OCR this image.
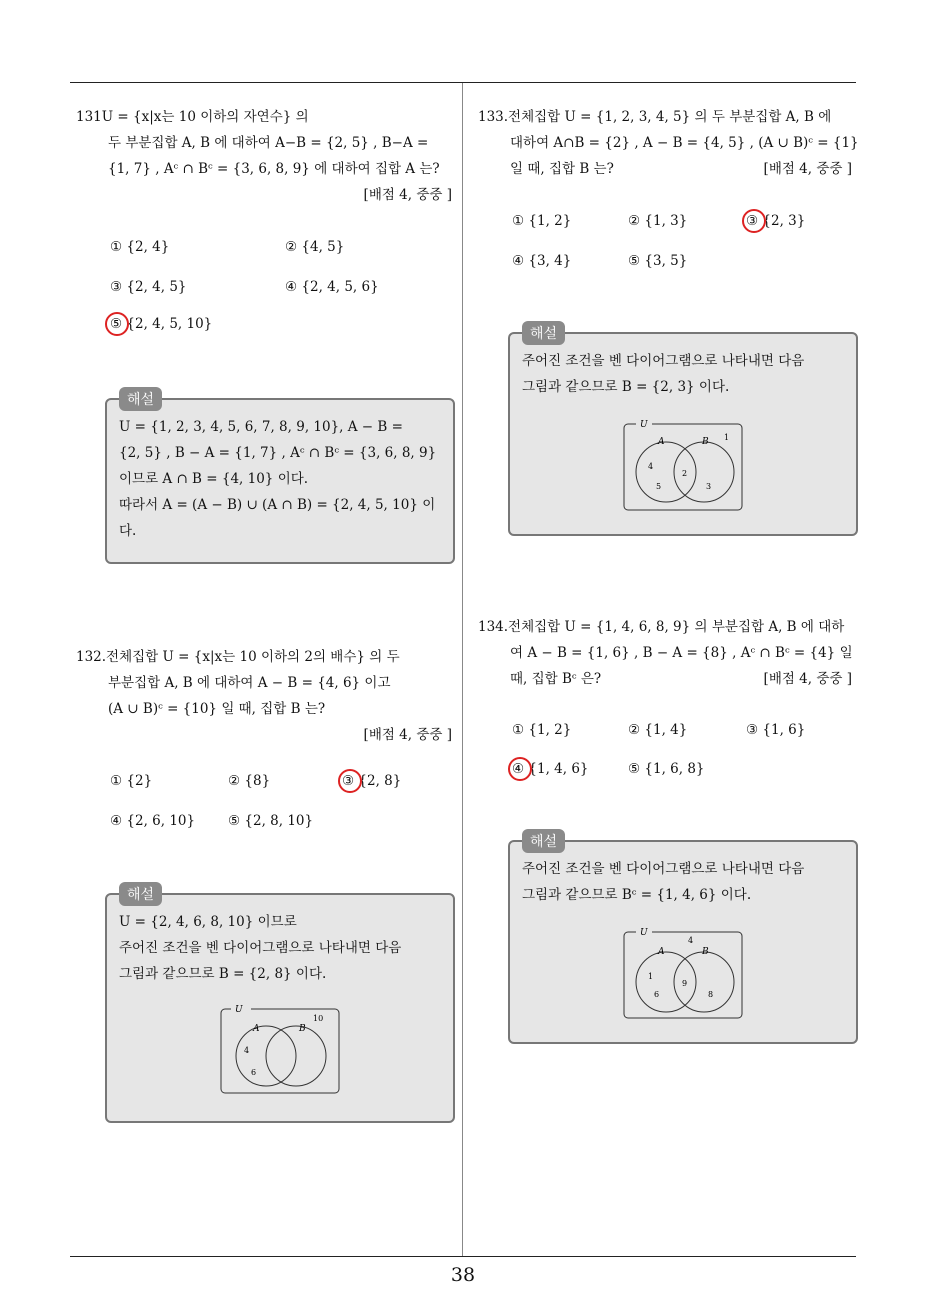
131U = {x|x는 10 이하의 자연수} 의
두 부분집합 A, B 에 대하여 A−B = {2, 5} , B−A =
{1, 7} , Aᶜ ∩ Bᶜ = {3, 6, 8, 9} 에 대하여 집합 A 는?
[배점 4, 중중 ]
① {2, 4}	② {4, 5}
③ {2, 4, 5}	④ {2, 4, 5, 6}
⑤ {2, 4, 5, 10}
해설
U = {1, 2, 3, 4, 5, 6, 7, 8, 9, 10}, A − B =
{2, 5} , B − A = {1, 7} , Aᶜ ∩ Bᶜ = {3, 6, 8, 9}
이므로 A ∩ B = {4, 10} 이다.
따라서 A = (A − B) ∪ (A ∩ B) = {2, 4, 5, 10} 이
다.
132.전체집합 U = {x|x는 10 이하의 2의 배수} 의 두
부분집합 A, B 에 대하여 A − B = {4, 6} 이고
(A ∪ B)ᶜ = {10} 일 때, 집합 B 는?
[배점 4, 중중 ]
① {2}	② {8}	③ {2, 8}
④ {2, 6, 10} ⑤ {2, 8, 10}
해설
U = {2, 4, 6, 8, 10} 이므로
주어진 조건을 벤 다이어그램으로 나타내면 다음
그림과 같으므로 B = {2, 8} 이다.
U
A	B
10
4
6
133.전체집합 U = {1, 2, 3, 4, 5} 의 두 부분집합 A, B 에
대하여 A∩B = {2} , A − B = {4, 5} , (A ∪ B)ᶜ = {1}
일 때, 집합 B 는?	[배점 4, 중중 ]
① {1, 2}	② {1, 3}	③ {2, 3}
④ {3, 4}	⑤ {3, 5}
해설
주어진 조건을 벤 다이어그램으로 나타내면 다음
그림과 같으므로 B = {2, 3} 이다.
U
A	B 1
4
5
2
3
134.전체집합 U = {1, 4, 6, 8, 9} 의 부분집합 A, B 에 대하
여 A − B = {1, 6} , B − A = {8} , Aᶜ ∩ Bᶜ = {4} 일
때, 집합 Bᶜ 은?	[배점 4, 중중 ]
① {1, 2}	② {1, 4}	③ {1, 6}
④ {1, 4, 6}	⑤ {1, 6, 8}
해설
주어진 조건을 벤 다이어그램으로 나타내면 다음
그림과 같으므로 Bᶜ = {1, 4, 6} 이다.
U
A	B
4
1
6
9
8
38
